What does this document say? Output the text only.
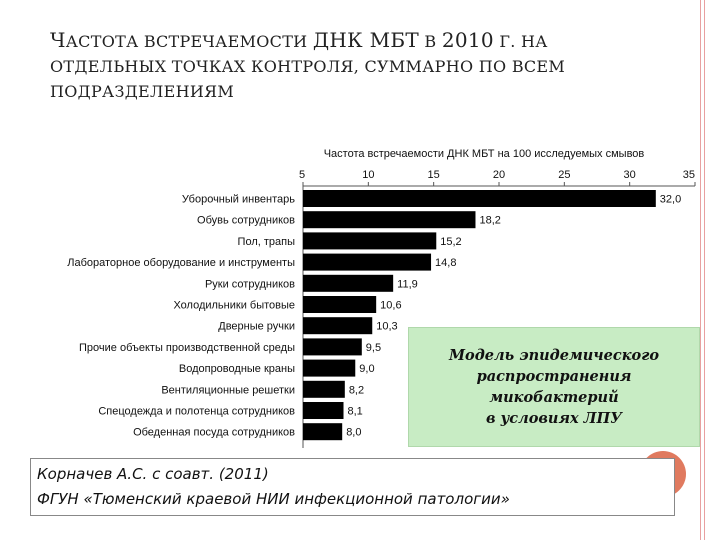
ЧАСТОТА ВСТРЕЧАЕМОСТИ ДНК МБТ В 2010 Г. НА
ОТДЕЛЬНЫХ ТОЧКАХ КОНТРОЛЯ, СУММАРНО ПО ВСЕМ
ПОДРАЗДЕЛЕНИЯМ
Частота встречаемости ДНК МБТ на 100 исследуемых смывов
5	10	15	20	25	30	35
Уборочный инвентарь	32,0
Обувь сотрудников	18,2
Пол, трапы	15,2
Лабораторное оборудование и инструменты	14,8
Руки сотрудников	11,9
Холодильники бытовые	10,6
Дверные ручки	10,3
Прочие объекты производственной среды	9,5
Водопроводные краны	9,0
Вентиляционные решетки	8,2
Спецодежда и полотенца сотрудников	8,1
Обеденная посуда сотрудников	8,0
Модель эпидемического
распространения
микобактерий
в условиях ЛПУ
Корначев А.С. с соавт. (2011)
ФГУН «Тюменский краевой НИИ инфекционной патологии»
